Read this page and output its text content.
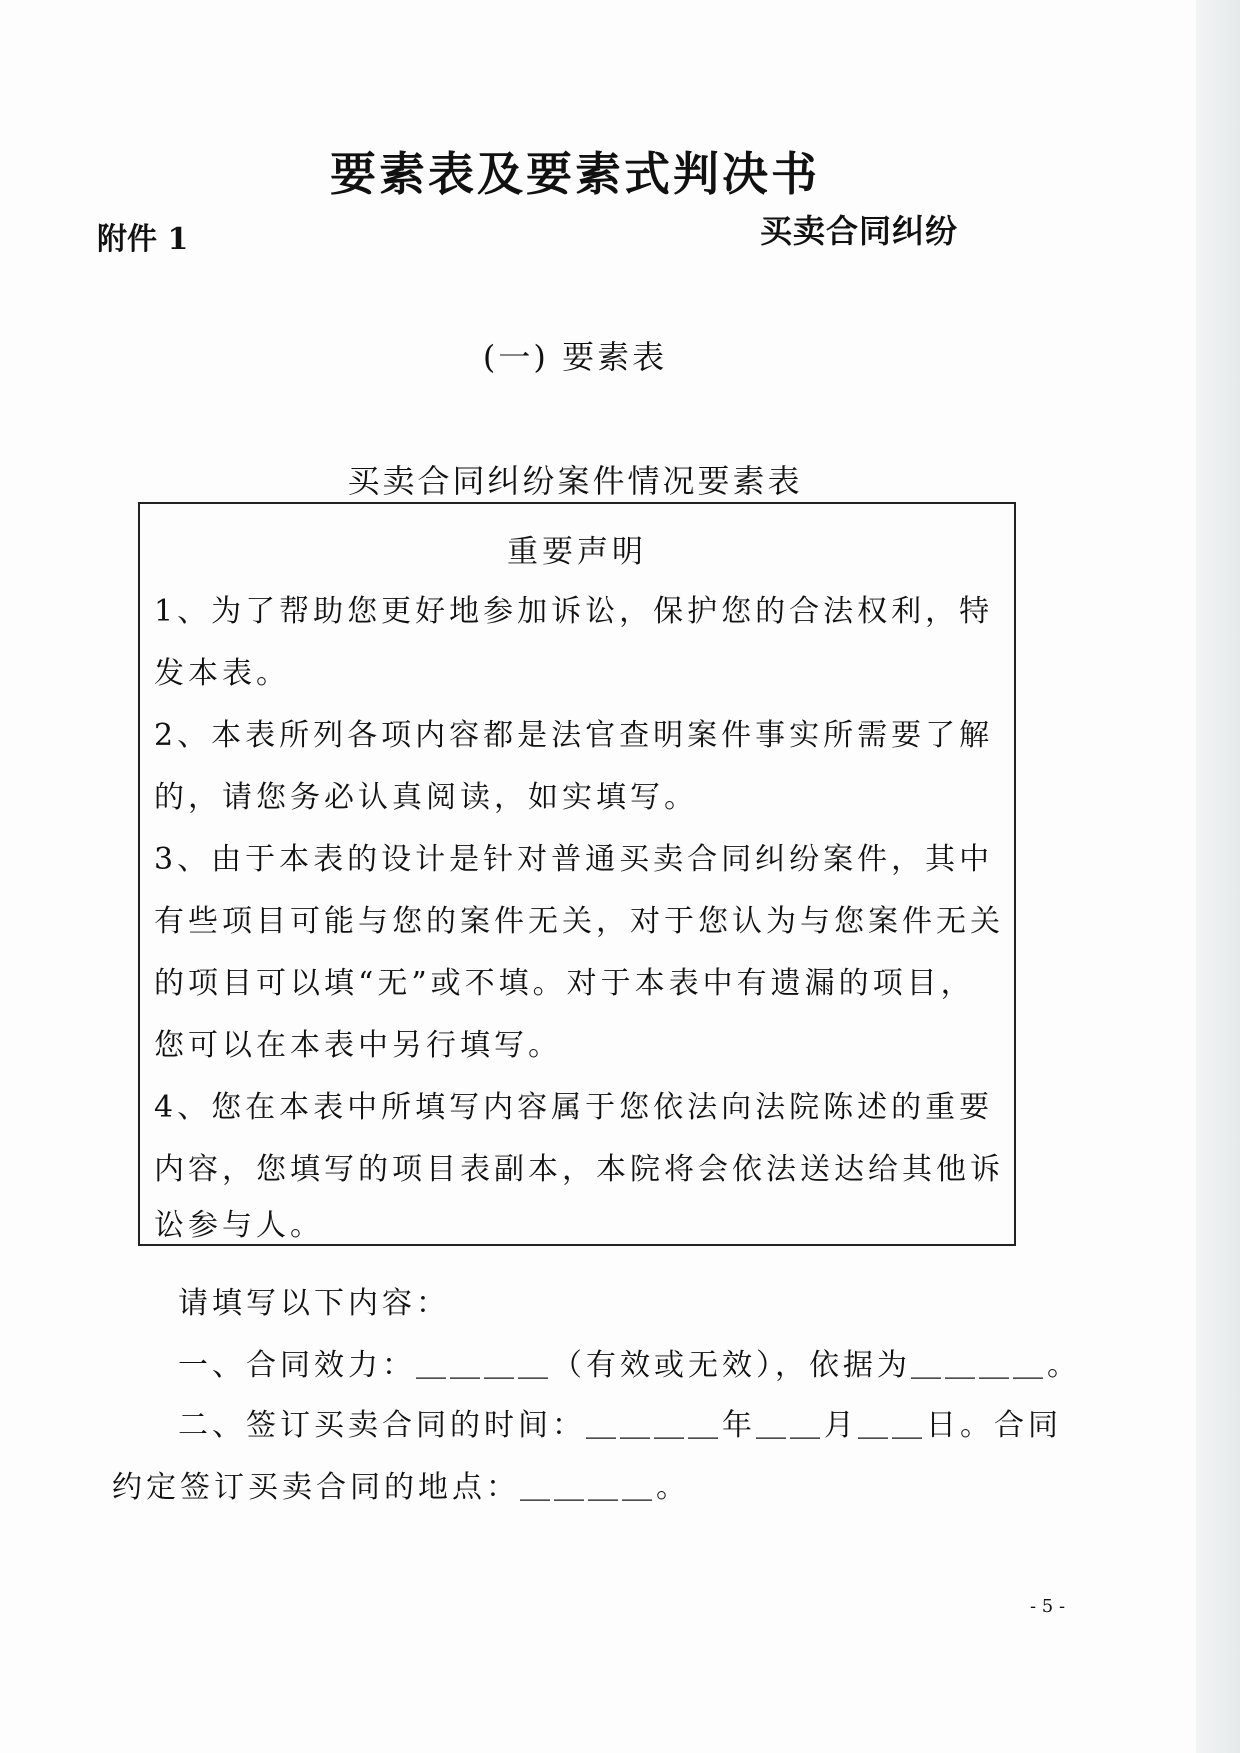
要素表及要素式判决书
附件 1	买卖合同纠纷
(一) 要素表
买卖合同纠纷案件情况要素表
重要声明
1、为了帮助您更好地参加诉讼，保护您的合法权利，特
发本表。
2、本表所列各项内容都是法官查明案件事实所需要了解
的，请您务必认真阅读，如实填写。
3、由于本表的设计是针对普通买卖合同纠纷案件，其中
有些项目可能与您的案件无关，对于您认为与您案件无关
的项目可以填“无”或不填。对于本表中有遗漏的项目，
您可以在本表中另行填写。
4、您在本表中所填写内容属于您依法向法院陈述的重要
内容，您填写的项目表副本，本院将会依法送达给其他诉
讼参与人。
请填写以下内容：
一、合同效力：＿＿＿＿（有效或无效），依据为＿＿＿＿。
二、签订买卖合同的时间：＿＿＿＿年＿＿月＿＿日。合同
约定签订买卖合同的地点：＿＿＿＿。
- 5 -
